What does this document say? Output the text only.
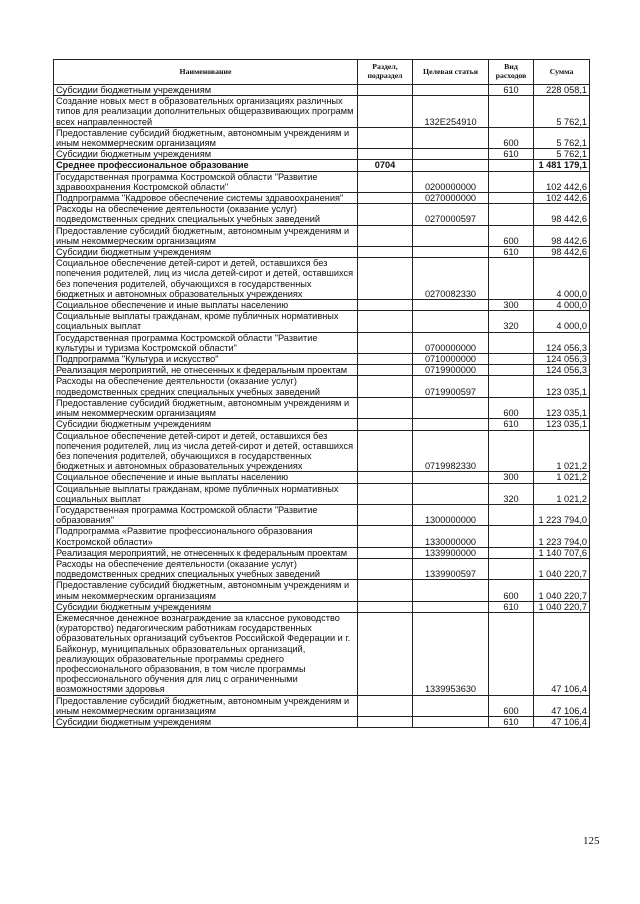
Наименование	Раздел, подраздел	Целевая статья	Вид расходов	Сумма
Субсидии бюджетным учреждениям			610	228 058,1
Создание новых мест в образовательных организациях различных типов для реализации дополнительных общеразвивающих программ всех направленностей		132E254910		5 762,1
Предоставление субсидий бюджетным, автономным учреждениям и иным некоммерческим организациям			600	5 762,1
Субсидии бюджетным учреждениям			610	5 762,1
Среднее профессиональное образование	0704			1 481 179,1
Государственная программа Костромской области "Развитие здравоохранения Костромской области"		0200000000		102 442,6
Подпрограмма "Кадровое обеспечение системы здравоохранения"		0270000000		102 442,6
Расходы на обеспечение деятельности (оказание услуг) подведомственных средних специальных учебных заведений		0270000597		98 442,6
Предоставление субсидий бюджетным, автономным учреждениям и иным некоммерческим организациям			600	98 442,6
Субсидии бюджетным учреждениям			610	98 442,6
Социальное обеспечение детей-сирот и детей, оставшихся без попечения родителей, лиц из числа детей-сирот и детей, оставшихся без попечения родителей, обучающихся в государственных бюджетных и автономных образовательных учреждениях		0270082330		4 000,0
Социальное обеспечение и иные выплаты населению			300	4 000,0
Социальные выплаты гражданам, кроме публичных нормативных социальных выплат			320	4 000,0
Государственная программа Костромской области "Развитие культуры и туризма Костромской области"		0700000000		124 056,3
Подпрограмма "Культура и искусство"		0710000000		124 056,3
Реализация мероприятий, не отнесенных к федеральным проектам		0719900000		124 056,3
Расходы на обеспечение деятельности (оказание услуг) подведомственных средних специальных учебных заведений		0719900597		123 035,1
Предоставление субсидий бюджетным, автономным учреждениям и иным некоммерческим организациям			600	123 035,1
Субсидии бюджетным учреждениям			610	123 035,1
Социальное обеспечение детей-сирот и детей, оставшихся без попечения родителей, лиц из числа детей-сирот и детей, оставшихся без попечения родителей, обучающихся в государственных бюджетных и автономных образовательных учреждениях		0719982330		1 021,2
Социальное обеспечение и иные выплаты населению			300	1 021,2
Социальные выплаты гражданам, кроме публичных нормативных социальных выплат			320	1 021,2
Государственная программа Костромской области "Развитие образования"		1300000000		1 223 794,0
Подпрограмма «Развитие профессионального образования Костромской области»		1330000000		1 223 794,0
Реализация мероприятий, не отнесенных к федеральным проектам		1339900000		1 140 707,6
Расходы на обеспечение деятельности (оказание услуг) подведомственных средних специальных учебных заведений		1339900597		1 040 220,7
Предоставление субсидий бюджетным, автономным учреждениям и иным некоммерческим организациям			600	1 040 220,7
Субсидии бюджетным учреждениям			610	1 040 220,7
Ежемесячное денежное вознаграждение за классное руководство (кураторство) педагогическим работникам государственных образовательных организаций субъектов Российской Федерации и г. Байконур, муниципальных образовательных организаций, реализующих образовательные программы среднего профессионального образования, в том числе программы профессионального обучения для лиц с ограниченными возможностями здоровья		1339953630		47 106,4
Предоставление субсидий бюджетным, автономным учреждениям и иным некоммерческим организациям			600	47 106,4
Субсидии бюджетным учреждениям			610	47 106,4
125
